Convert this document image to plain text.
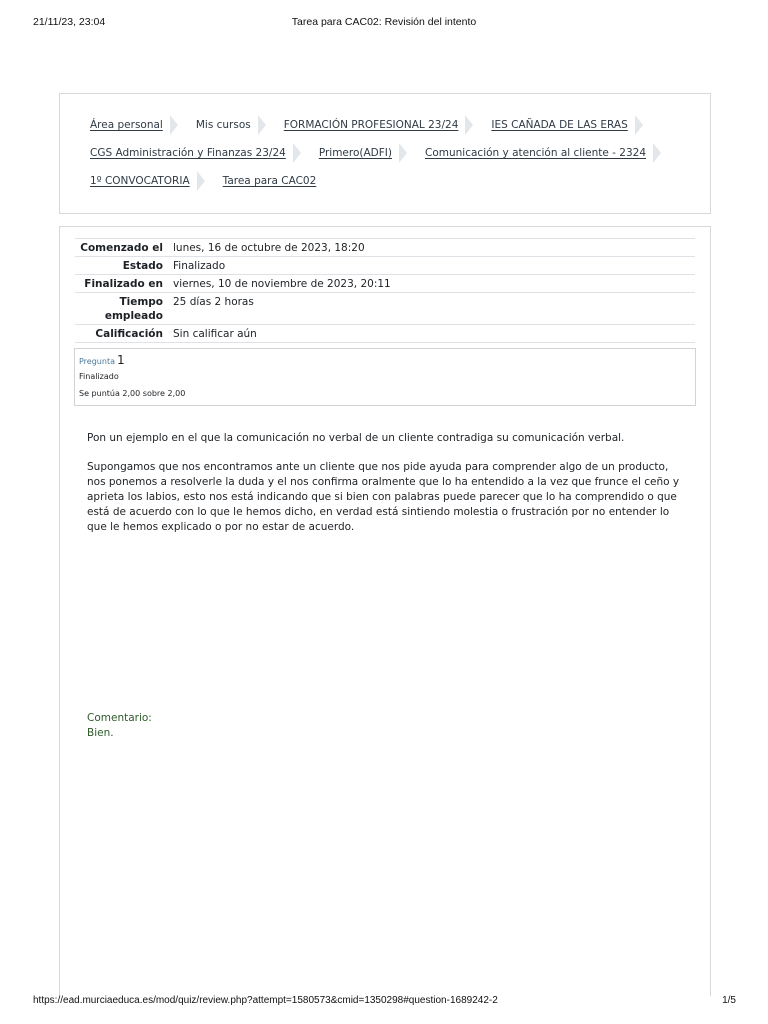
21/11/23, 23:04	Tarea para CAC02: Revisión del intento
Área personal	Mis cursos	FORMACIÓN PROFESIONAL 23/24	IES CAÑADA DE LAS ERAS
CGS Administración y Finanzas 23/24	Primero(ADFI)	Comunicación y atención al cliente - 2324
1º CONVOCATORIA	Tarea para CAC02
Comenzado el lunes, 16 de octubre de 2023, 18:20
Estado Finalizado
Finalizado en viernes, 10 de noviembre de 2023, 20:11
Tiempo
empleado
25 días 2 horas
Calificación Sin calificar aún
Pregunta 1
Finalizado
Se puntúa 2,00 sobre 2,00
Pon un ejemplo en el que la comunicación no verbal de un cliente contradiga su comunicación verbal.
Supongamos que nos encontramos ante un cliente que nos pide ayuda para comprender algo de un producto, nos ponemos a resolverle la duda y el nos confirma oralmente que lo ha entendido a la vez que frunce el ceño y aprieta los labios, esto nos está indicando que si bien con palabras puede parecer que lo ha comprendido o que está de acuerdo con lo que le hemos dicho, en verdad está sintiendo molestia o frustración por no entender lo que le hemos explicado o por no estar de acuerdo.
Comentario:
Bien.
https://ead.murciaeduca.es/mod/quiz/review.php?attempt=1580573&cmid=1350298#question-1689242-2	1/5
